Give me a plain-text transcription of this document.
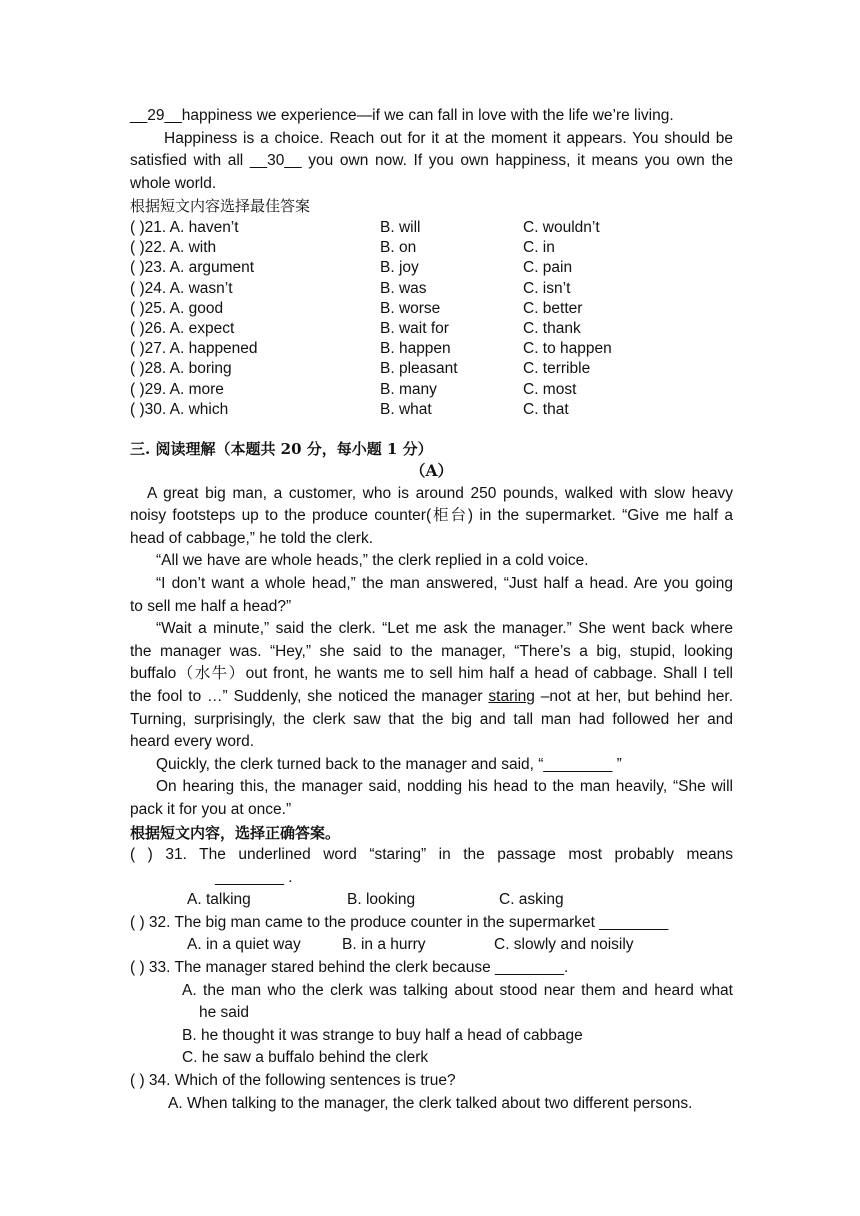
__29__happiness we experience—if we can fall in love with the life we’re living.
Happiness is a choice. Reach out for it at the moment it appears. You should be
satisfied with all __30__ you own now. If you own happiness, it means you own the
whole world.
根据短文内容选择最佳答案
( )21. A. haven’t	B. will	C. wouldn’t
( )22. A. with	B. on	C. in
( )23. A. argument	B. joy	C. pain
( )24. A. wasn’t	B. was	C. isn’t
( )25. A. good	B. worse	C. better
( )26. A. expect	B. wait for	C. thank
( )27. A. happened	B. happen	C. to happen
( )28. A. boring	B. pleasant	C. terrible
( )29. A. more	B. many	C. most
( )30. A. which	B. what	C. that
三. 阅读理解（本题共 20 分，每小题 1 分）
（A）
A great big man, a customer, who is around 250 pounds, walked with slow heavy
noisy footsteps up to the produce counter(柜台) in the supermarket. “Give me half a
head of cabbage,” he told the clerk.
“All we have are whole heads,” the clerk replied in a cold voice.
“I don’t want a whole head,” the man answered, “Just half a head. Are you going
to sell me half a head?”
“Wait a minute,” said the clerk. “Let me ask the manager.” She went back where
the manager was. “Hey,” she said to the manager, “There’s a big, stupid, looking
buffalo（水牛）out front, he wants me to sell him half a head of cabbage. Shall I tell
the fool to …” Suddenly, she noticed the manager staring –not at her, but behind her.
Turning, surprisingly, the clerk saw that the big and tall man had followed her and
heard every word.
Quickly, the clerk turned back to the manager and said, “________ ”
On hearing this, the manager said, nodding his head to the man heavily, “She will
pack it for you at once.”
根据短文内容，选择正确答案。
( ) 31. The underlined word “staring” in the passage most probably means
________ .
A. talking	B. looking	C. asking
( ) 32. The big man came to the produce counter in the supermarket ________
A. in a quiet way	B. in a hurry	C. slowly and noisily
( ) 33. The manager stared behind the clerk because ________.
A. the man who the clerk was talking about stood near them and heard what
he said
B. he thought it was strange to buy half a head of cabbage
C. he saw a buffalo behind the clerk
( ) 34. Which of the following sentences is true?
A. When talking to the manager, the clerk talked about two different persons.
